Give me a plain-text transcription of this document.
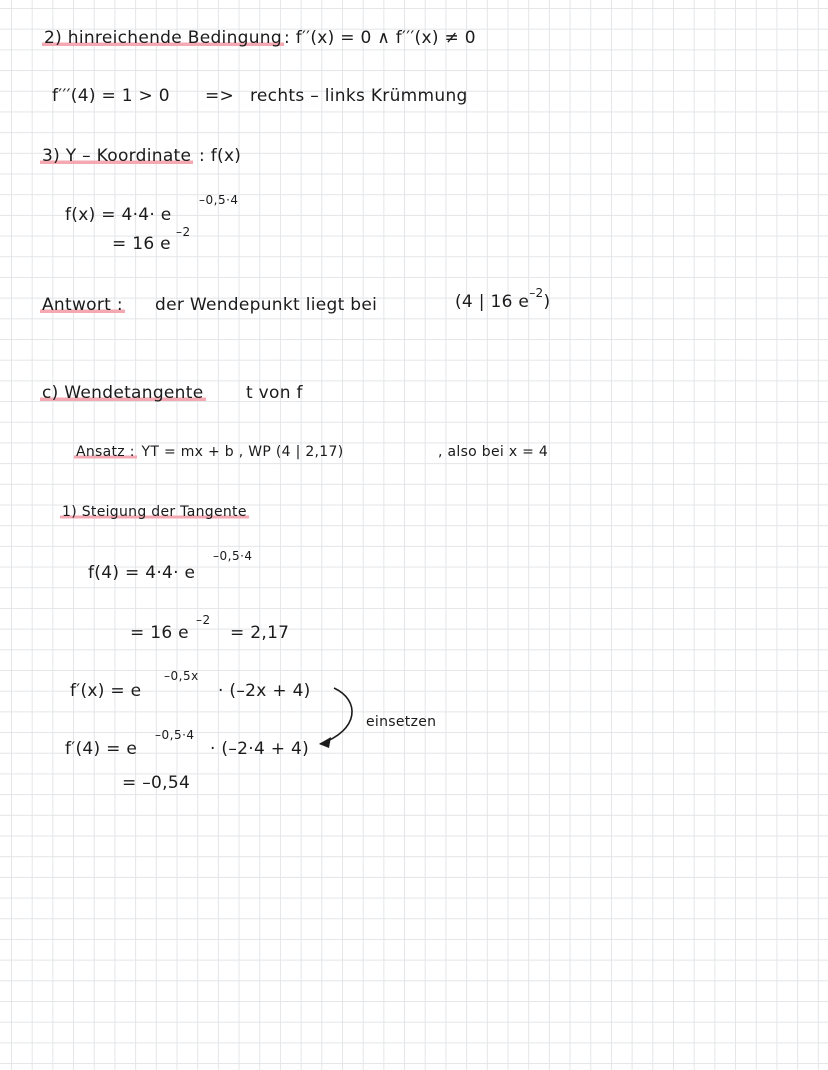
2) hinreichende Bedingung : f′′(x) = 0 ∧ f′′′(x) ≠ 0
f′′′(4) = 1 > 0 => rechts – links Krümmung
3) Y – Koordinate : f(x)
f(x) = 4·4· e
–0,5·4
= 16 e
–2
Antwort : der Wendepunkt liegt bei	(4 | 16 $e^{-2}$)
c) Wendetangente	t von f
Ansatz : YT = mx + b , WP (4 | 2,17)	, also bei x = 4
1) Steigung der Tangente
f(4) = 4·4· e
–0,5·4
= 16 e
–2
= 2,17
f′(x) = e
–0,5x
· (–2x + 4)
einsetzen
f′(4) = e
–0,5·4
· (–2·4 + 4)
= –0,54
